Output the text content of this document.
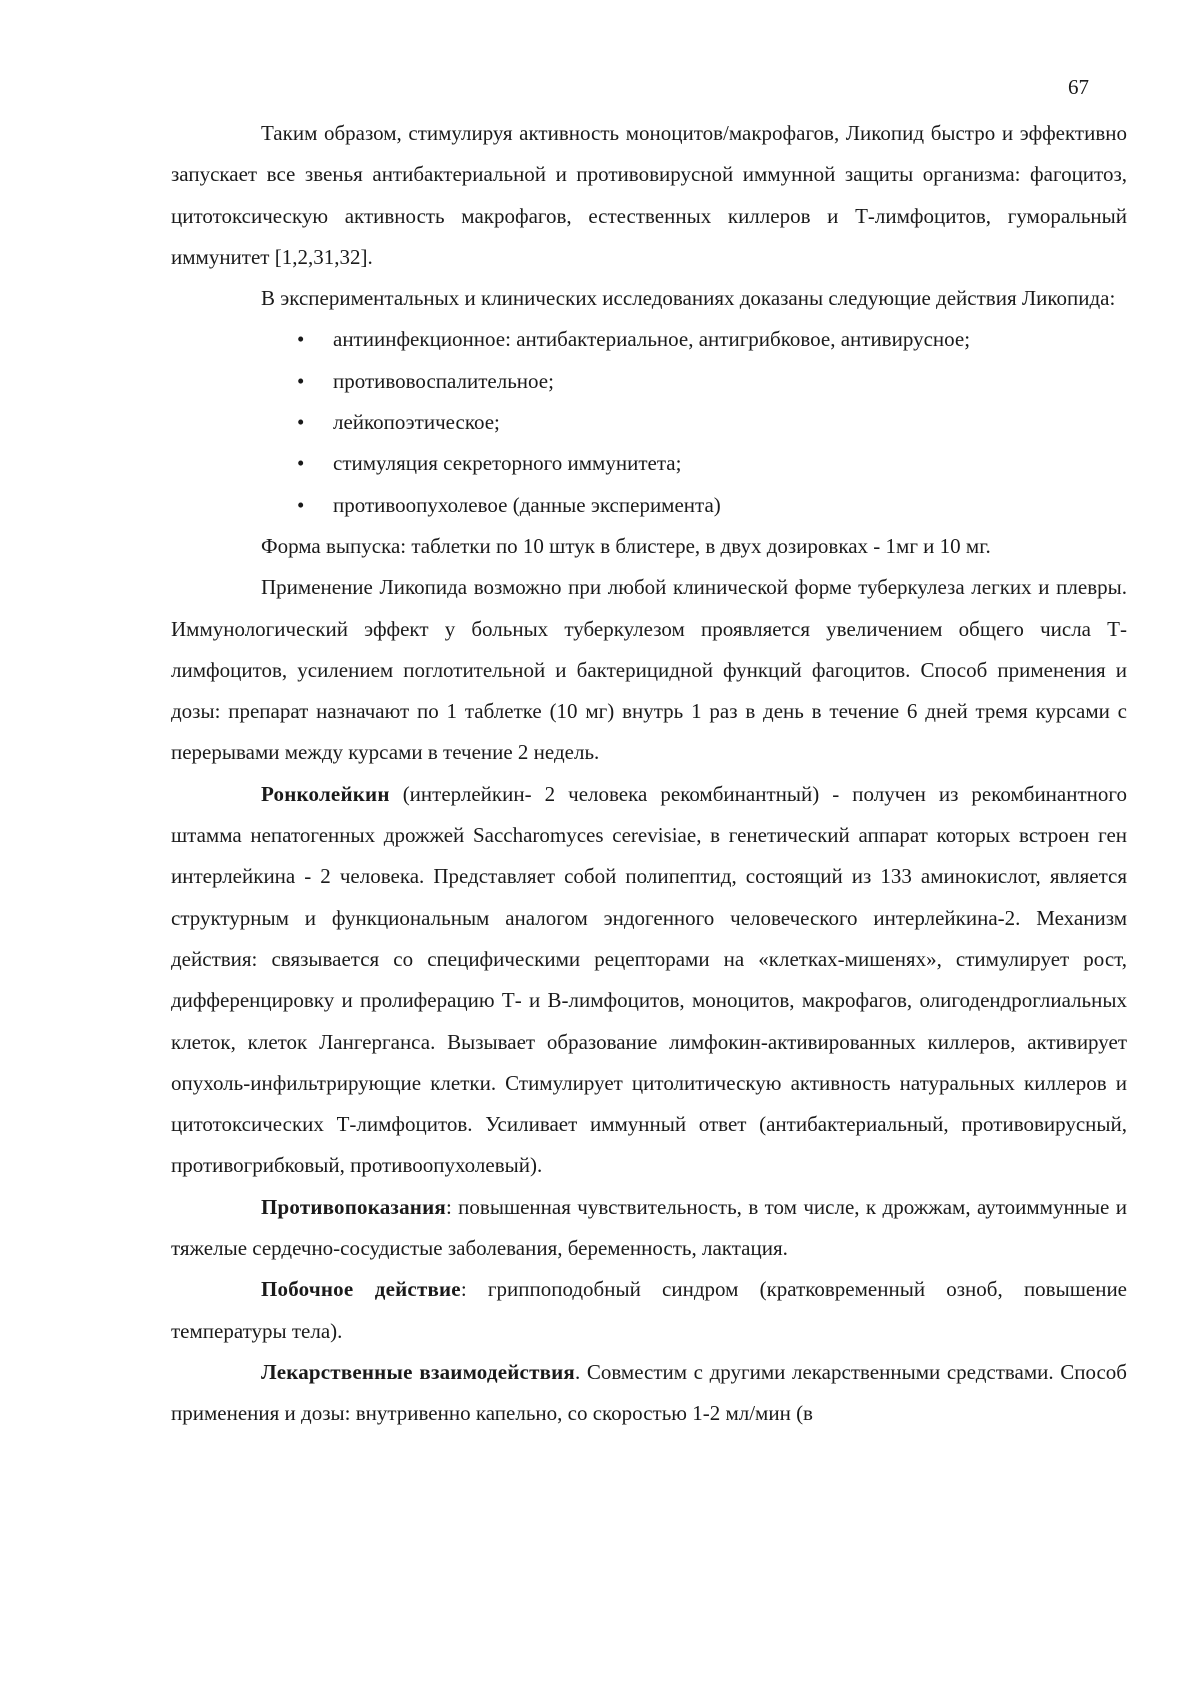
67

Таким образом, стимулируя активность моноцитов/макрофагов, Ликопид быстро и эффективно запускает все звенья антибактериальной и противовирусной иммунной защиты организма: фагоцитоз, цитотоксическую активность макрофагов, естественных киллеров и Т-лимфоцитов, гуморальный иммунитет [1,2,31,32].

В экспериментальных и клинических исследованиях доказаны следующие действия Ликопида:

• антиинфекционное: антибактериальное, антигрибковое, антивирусное;
• противовоспалительное;
• лейкопоэтическое;
• стимуляция секреторного иммунитета;
• противоопухолевое (данные эксперимента)

Форма выпуска: таблетки по 10 штук в блистере, в двух дозировках - 1мг и 10 мг.

Применение Ликопида возможно при любой клинической форме туберкулеза легких и плевры. Иммунологический эффект у больных туберкулезом проявляется увеличением общего числа Т-лимфоцитов, усилением поглотительной и бактерицидной функций фагоцитов. Способ применения и дозы: препарат назначают по 1 таблетке (10 мг) внутрь 1 раз в день в течение 6 дней тремя курсами с перерывами между курсами в течение 2 недель.

Ронколейкин (интерлейкин- 2 человека рекомбинантный) - получен из рекомбинантного штамма непатогенных дрожжей Saccharomyces cerevisiae, в генетический аппарат которых встроен ген интерлейкина - 2 человека. Представляет собой полипептид, состоящий из 133 аминокислот, является структурным и функциональным аналогом эндогенного человеческого интерлейкина-2. Механизм действия: связывается со специфическими рецепторами на «клетках-мишенях», стимулирует рост, дифференцировку и пролиферацию Т- и В-лимфоцитов, моноцитов, макрофагов, олигодендроглиальных клеток, клеток Лангерганса. Вызывает образование лимфокин-активированных киллеров, активирует опухоль-инфильтрирующие клетки. Стимулирует цитолитическую активность натуральных киллеров и цитотоксических Т-лимфоцитов. Усиливает иммунный ответ (антибактериальный, противовирусный, противогрибковый, противоопухолевый).

Противопоказания: повышенная чувствительность, в том числе, к дрожжам, аутоиммунные и тяжелые сердечно-сосудистые заболевания, беременность, лактация.

Побочное действие: гриппоподобный синдром (кратковременный озноб, повышение температуры тела).

Лекарственные взаимодействия. Совместим с другими лекарственными средствами. Способ применения и дозы: внутривенно капельно, со скоростью 1-2 мл/мин (в
